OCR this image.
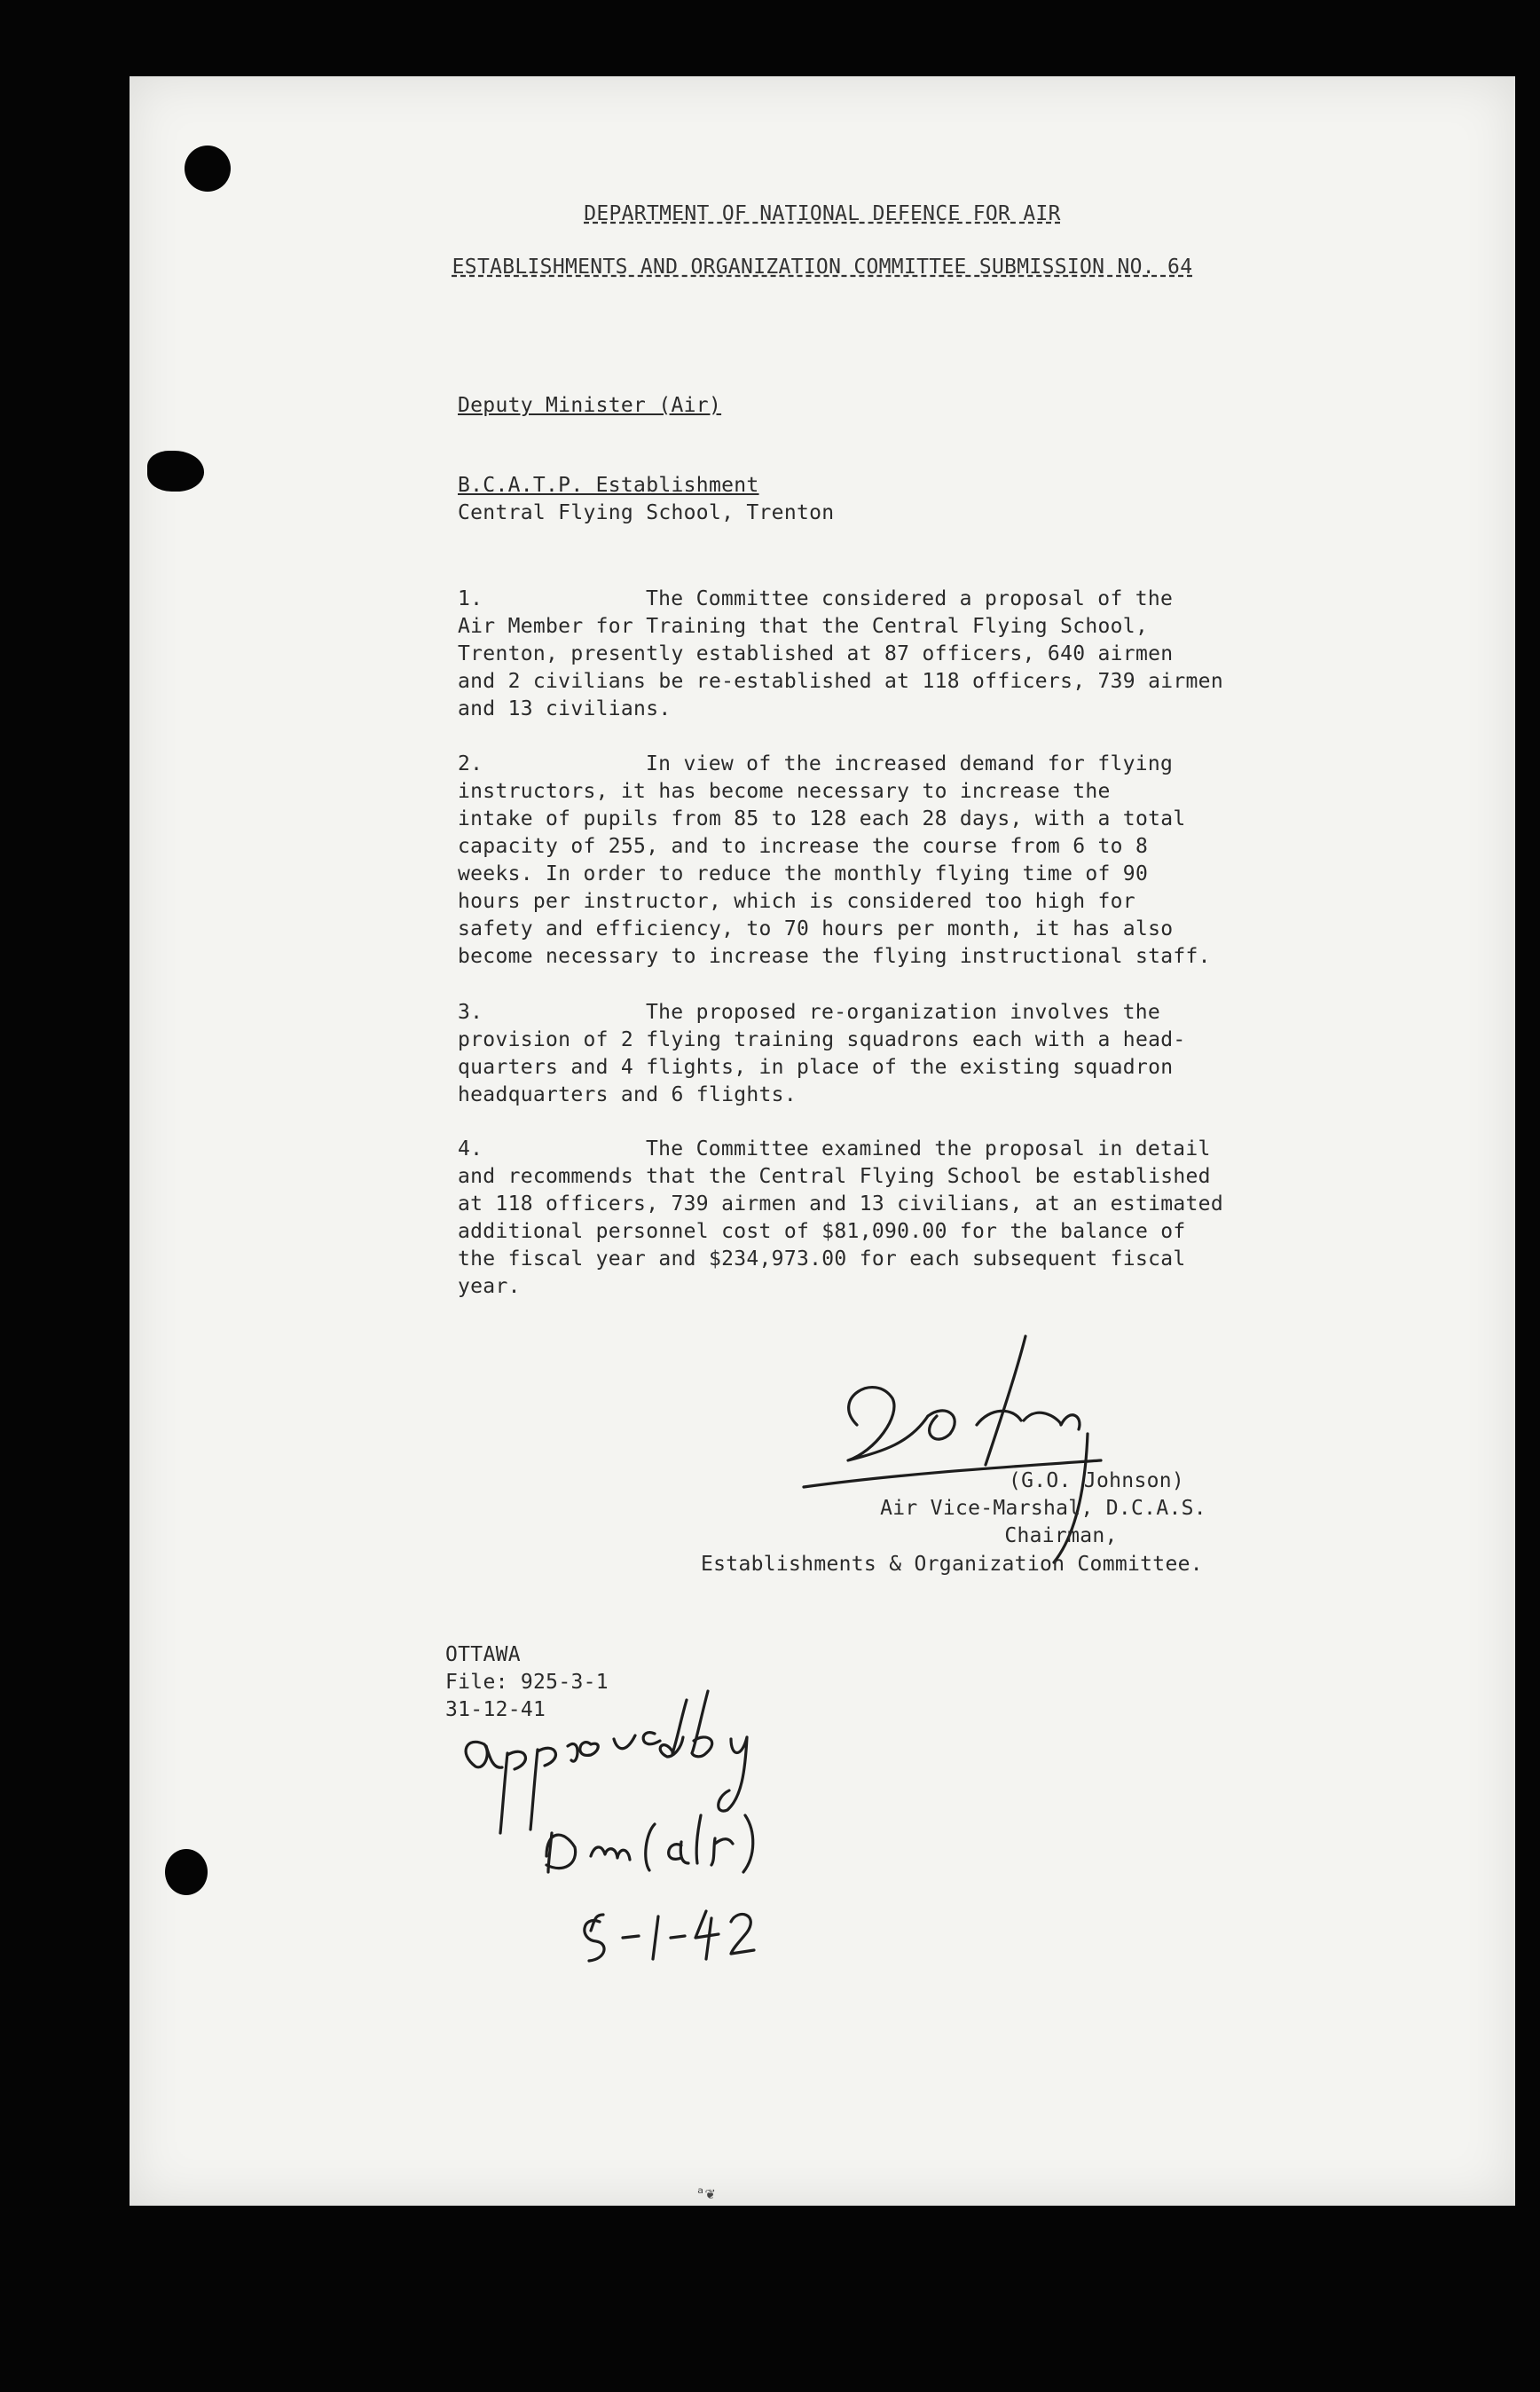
DEPARTMENT OF NATIONAL DEFENCE FOR AIR
ESTABLISHMENTS AND ORGANIZATION COMMITTEE SUBMISSION NO. 64
Deputy Minister (Air)
B.C.A.T.P. Establishment
Central Flying School, Trenton
1.	The Committee considered a proposal of the
Air Member for Training that the Central Flying School,
Trenton, presently established at 87 officers, 640 airmen
and 2 civilians be re-established at 118 officers, 739 airmen
and 13 civilians.
2.	In view of the increased demand for flying
instructors, it has become necessary to increase the
intake of pupils from 85 to 128 each 28 days, with a total
capacity of 255, and to increase the course from 6 to 8
weeks. In order to reduce the monthly flying time of 90
hours per instructor, which is considered too high for
safety and efficiency, to 70 hours per month, it has also
become necessary to increase the flying instructional staff.
3.	The proposed re-organization involves the
provision of 2 flying training squadrons each with a head-
quarters and 4 flights, in place of the existing squadron
headquarters and 6 flights.
4.	The Committee examined the proposal in detail
and recommends that the Central Flying School be established
at 118 officers, 739 airmen and 13 civilians, at an estimated
additional personnel cost of $81,090.00 for the balance of
the fiscal year and $234,973.00 for each subsequent fiscal
year.
(G.O. Johnson)
Air Vice-Marshal, D.C.A.S.
Chairman,
Establishments & Organization Committee.
OTTAWA
File: 925-3-1
31-12-41
ᵃ❦
